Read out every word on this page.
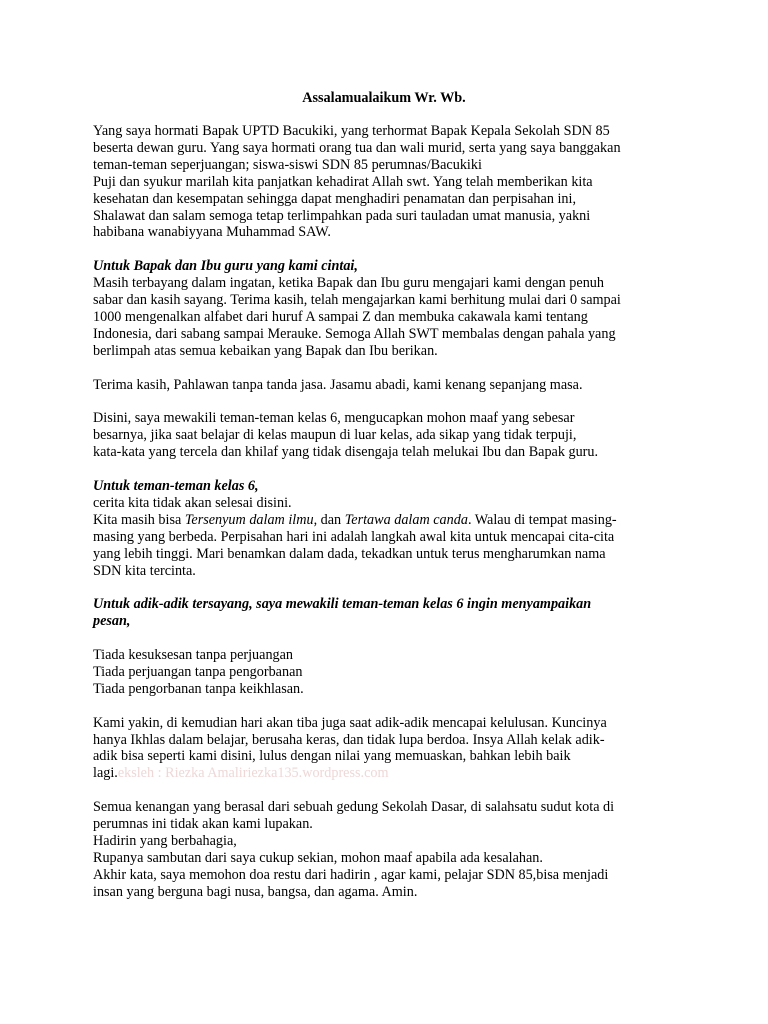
Assalamualaikum Wr. Wb.

Yang saya hormati Bapak UPTD Bacukiki, yang terhormat Bapak Kepala Sekolah SDN 85
beserta dewan guru. Yang saya hormati orang tua dan wali murid, serta yang saya banggakan
teman-teman seperjuangan; siswa-siswi SDN 85 perumnas/Bacukiki
Puji dan syukur marilah kita panjatkan kehadirat Allah swt. Yang telah memberikan kita
kesehatan dan kesempatan sehingga dapat menghadiri penamatan dan perpisahan ini,
Shalawat dan salam semoga tetap terlimpahkan pada suri tauladan umat manusia, yakni
habibana wanabiyyana Muhammad SAW.

Untuk Bapak dan Ibu guru yang kami cintai,
Masih terbayang dalam ingatan, ketika Bapak dan Ibu guru mengajari kami dengan penuh
sabar dan kasih sayang. Terima kasih, telah mengajarkan kami berhitung mulai dari 0 sampai
1000 mengenalkan alfabet dari huruf A sampai Z dan membuka cakawala kami tentang
Indonesia, dari sabang sampai Merauke. Semoga Allah SWT membalas dengan pahala yang
berlimpah atas semua kebaikan yang Bapak dan Ibu berikan.

Terima kasih, Pahlawan tanpa tanda jasa. Jasamu abadi, kami kenang sepanjang masa.

Disini, saya mewakili teman-teman kelas 6, mengucapkan mohon maaf yang sebesar
besarnya, jika saat belajar di kelas maupun di luar kelas, ada sikap yang tidak terpuji,
kata-kata yang tercela dan khilaf yang tidak disengaja telah melukai Ibu dan Bapak guru.

Untuk teman-teman kelas 6,
cerita kita tidak akan selesai disini.
Kita masih bisa Tersenyum dalam ilmu, dan Tertawa dalam canda. Walau di tempat masing-
masing yang berbeda. Perpisahan hari ini adalah langkah awal kita untuk mencapai cita-cita
yang lebih tinggi. Mari benamkan dalam dada, tekadkan untuk terus mengharumkan nama
SDN kita tercinta.

Untuk adik-adik tersayang, saya mewakili teman-teman kelas 6 ingin menyampaikan
pesan,

Tiada kesuksesan tanpa perjuangan
Tiada perjuangan tanpa pengorbanan
Tiada pengorbanan tanpa keikhlasan.

Kami yakin, di kemudian hari akan tiba juga saat adik-adik mencapai kelulusan. Kuncinya
hanya Ikhlas dalam belajar, berusaha keras, dan tidak lupa berdoa. Insya Allah kelak adik-
adik bisa seperti kami disini, lulus dengan nilai yang memuaskan, bahkan lebih baik
lagi.eksleh : Riezka Amaliriezka135.wordpress.com

Semua kenangan yang berasal dari sebuah gedung Sekolah Dasar, di salahsatu sudut kota di
perumnas ini tidak akan kami lupakan.
Hadirin yang berbahagia,
Rupanya sambutan dari saya cukup sekian, mohon maaf apabila ada kesalahan.
Akhir kata, saya memohon doa restu dari hadirin , agar kami, pelajar SDN 85,bisa menjadi
insan yang berguna bagi nusa, bangsa, dan agama. Amin.
